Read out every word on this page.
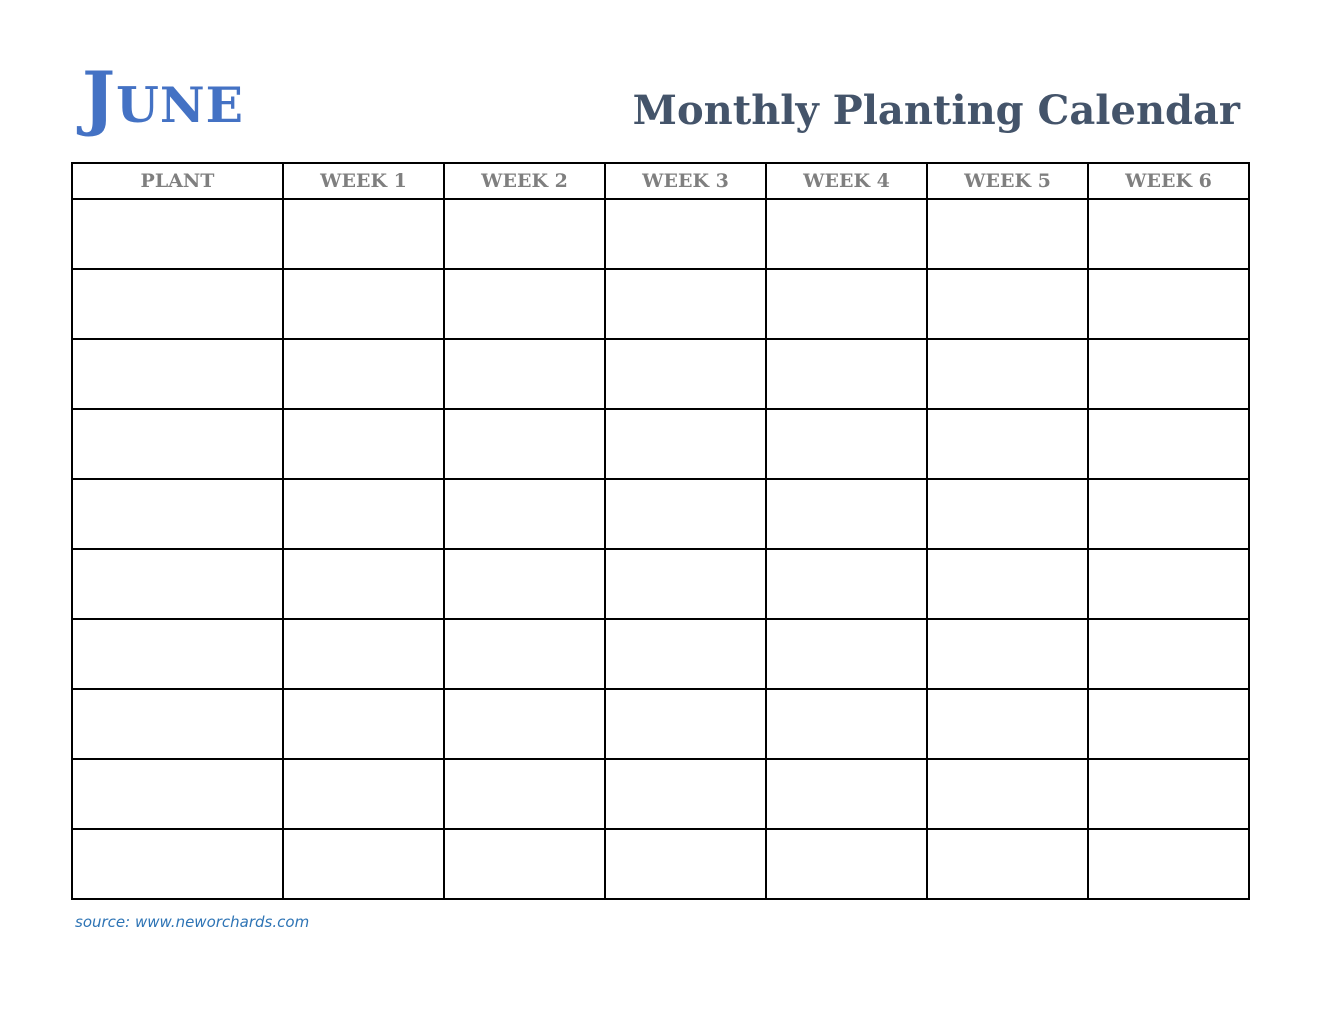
June	Monthly Planting Calendar
PLANT	WEEK 1	WEEK 2	WEEK 3	WEEK 4	WEEK 5	WEEK 6

source: www.neworchards.com
